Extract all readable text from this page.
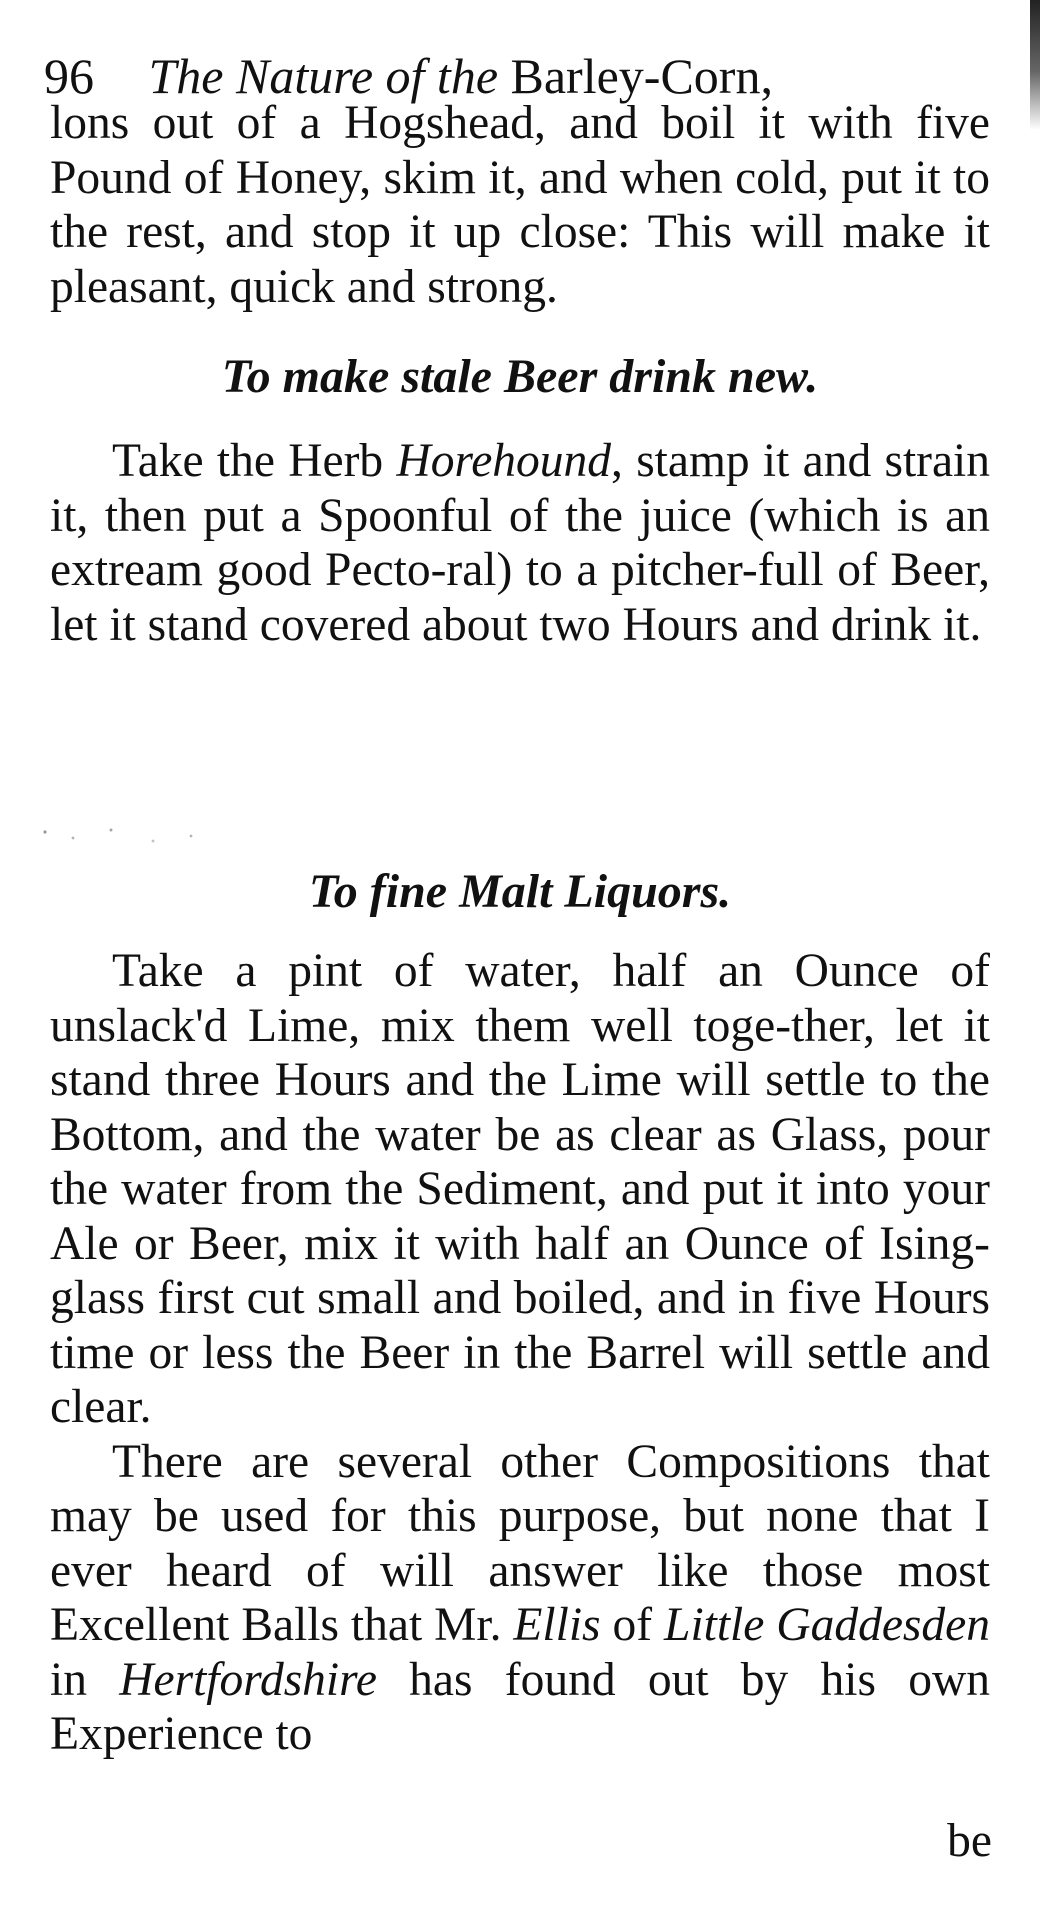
96 The Nature of the Barley-Corn,

lons out of a Hogshead, and boil it with five Pound of Honey, skim it, and when cold, put it to the rest, and stop it up close: This will make it pleasant, quick and strong.

To make stale Beer drink new.

Take the Herb Horehound, stamp it and strain it, then put a Spoonful of the juice (which is an extream good Pecto-ral) to a pitcher-full of Beer, let it stand covered about two Hours and drink it.

To fine Malt Liquors.

Take a pint of water, half an Ounce of unslack'd Lime, mix them well toge-ther, let it stand three Hours and the Lime will settle to the Bottom, and the water be as clear as Glass, pour the water from the Sediment, and put it into your Ale or Beer, mix it with half an Ounce of Ising-glass first cut small and boiled, and in five Hours time or less the Beer in the Barrel will settle and clear.

There are several other Compositions that may be used for this purpose, but none that I ever heard of will answer like those most Excellent Balls that Mr. Ellis of Little Gaddesden in Hertfordshire has found out by his own Experience to

be
